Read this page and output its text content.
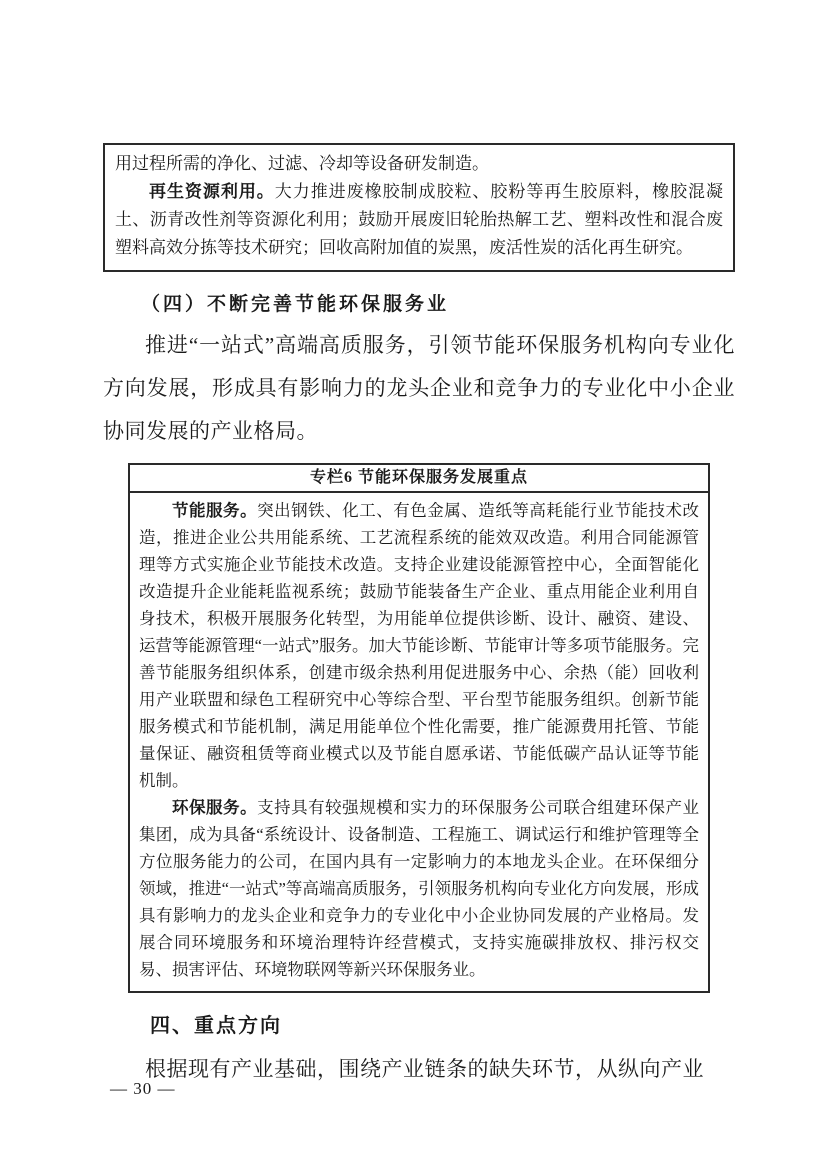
用过程所需的净化、过滤、冷却等设备研发制造。

再生资源利用。大力推进废橡胶制成胶粒、胶粉等再生胶原料，橡胶混凝土、沥青改性剂等资源化利用；鼓励开展废旧轮胎热解工艺、塑料改性和混合废塑料高效分拣等技术研究；回收高附加值的炭黑，废活性炭的活化再生研究。

（四）不断完善节能环保服务业

推进“一站式”高端高质服务，引领节能环保服务机构向专业化方向发展，形成具有影响力的龙头企业和竞争力的专业化中小企业协同发展的产业格局。

专栏6 节能环保服务发展重点

节能服务。突出钢铁、化工、有色金属、造纸等高耗能行业节能技术改造，推进企业公共用能系统、工艺流程系统的能效双改造。利用合同能源管理等方式实施企业节能技术改造。支持企业建设能源管控中心，全面智能化改造提升企业能耗监视系统；鼓励节能装备生产企业、重点用能企业利用自身技术，积极开展服务化转型，为用能单位提供诊断、设计、融资、建设、运营等能源管理“一站式”服务。加大节能诊断、节能审计等多项节能服务。完善节能服务组织体系，创建市级余热利用促进服务中心、余热（能）回收利用产业联盟和绿色工程研究中心等综合型、平台型节能服务组织。创新节能服务模式和节能机制，满足用能单位个性化需要，推广能源费用托管、节能量保证、融资租赁等商业模式以及节能自愿承诺、节能低碳产品认证等节能机制。

环保服务。支持具有较强规模和实力的环保服务公司联合组建环保产业集团，成为具备“系统设计、设备制造、工程施工、调试运行和维护管理等全方位服务能力的公司，在国内具有一定影响力的本地龙头企业。在环保细分领域，推进“一站式”等高端高质服务，引领服务机构向专业化方向发展，形成具有影响力的龙头企业和竞争力的专业化中小企业协同发展的产业格局。发展合同环境服务和环境治理特许经营模式，支持实施碳排放权、排污权交易、损害评估、环境物联网等新兴环保服务业。

四、重点方向

根据现有产业基础，围绕产业链条的缺失环节，从纵向产业

— 30 —
